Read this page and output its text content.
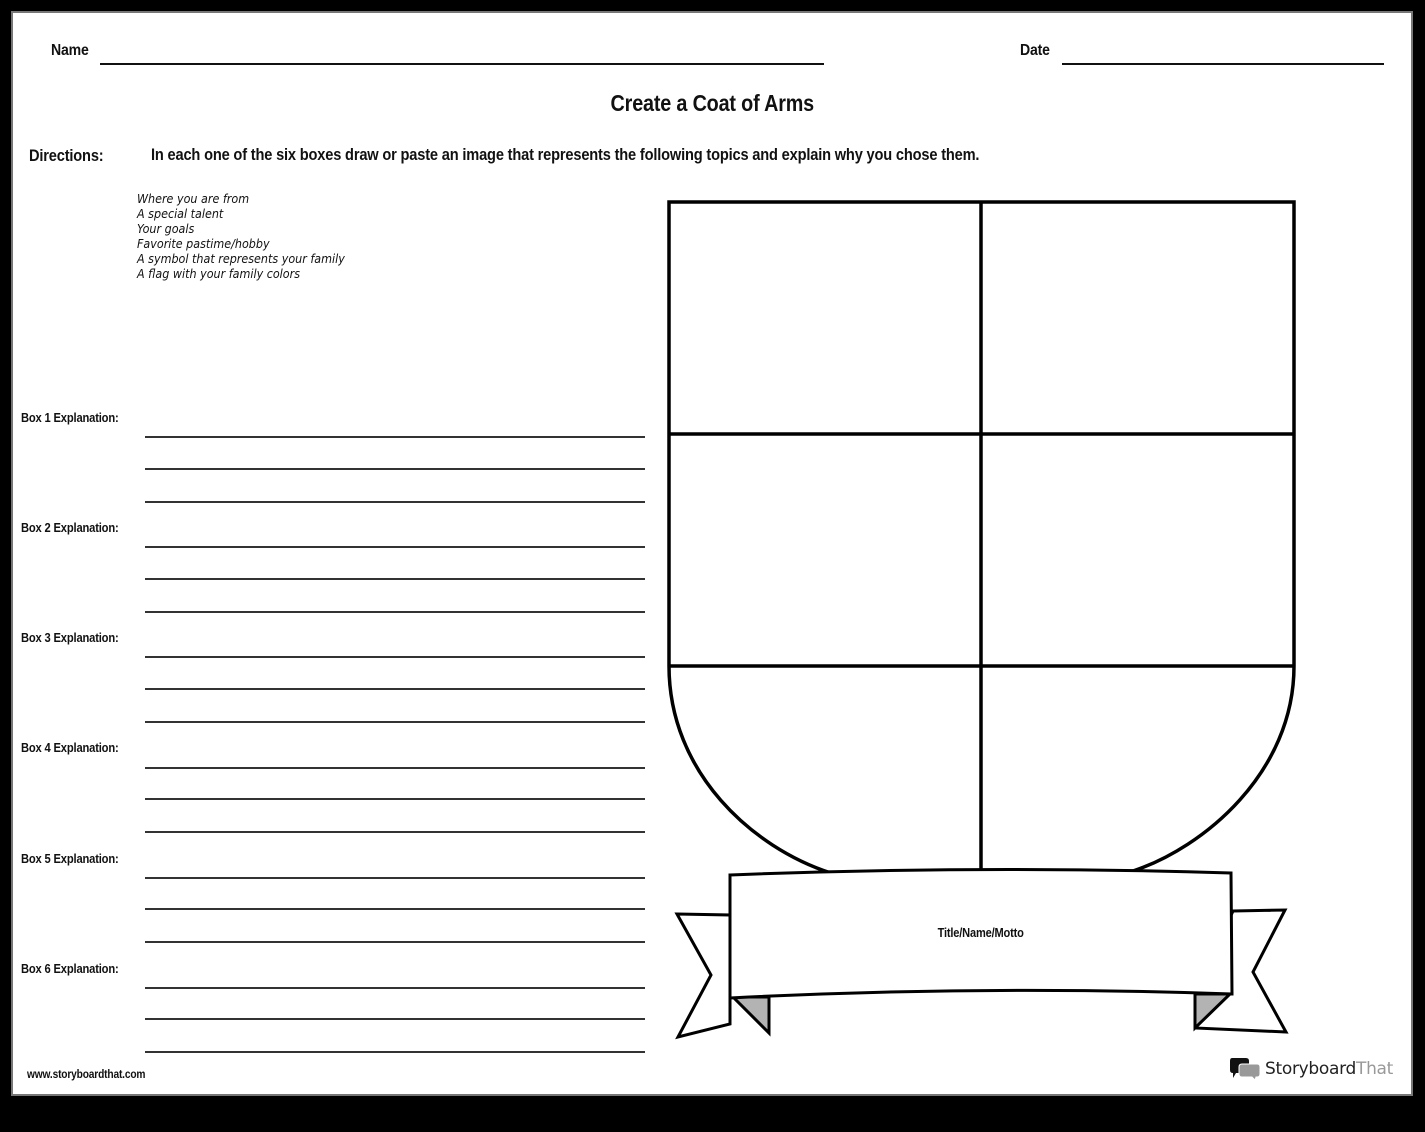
Name	Date
Create a Coat of Arms
Directions:	In each one of the six boxes draw or paste an image that represents the following topics and explain why you chose them.
Where you are from
A special talent
Your goals
Favorite pastime/hobby
A symbol that represents your family
A flag with your family colors
Box 1 Explanation:
Box 2 Explanation:
Box 3 Explanation:
Box 4 Explanation:
Box 5 Explanation:
Box 6 Explanation:
Title/Name/Motto
www.storyboardthat.com	StoryboardThat
